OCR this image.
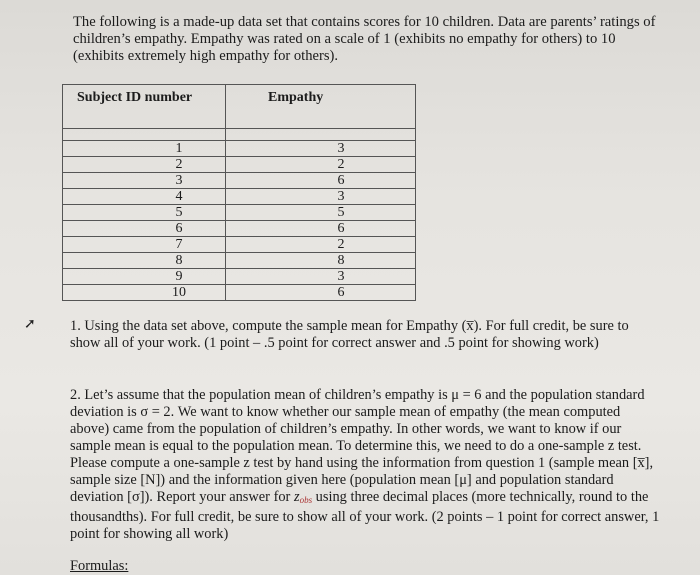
The following is a made-up data set that contains scores for 10 children. Data are parents’ ratings of children’s empathy. Empathy was rated on a scale of 1 (exhibits no empathy for others) to 10 (exhibits extremely high empathy for others).
Subject ID number	Empathy

1	3
2	2
3	6
4	3
5	5
6	6
7	2
8	8
9	3
10	6
➚ 1. Using the data set above, compute the sample mean for Empathy (x̅). For full credit, be sure to show all of your work. (1 point – .5 point for correct answer and .5 point for showing work)
2. Let’s assume that the population mean of children’s empathy is μ = 6 and the population standard deviation is σ = 2. We want to know whether our sample mean of empathy (the mean computed above) came from the population of children’s empathy. In other words, we want to know if our sample mean is equal to the population mean. To determine this, we need to do a one-sample z test. Please compute a one-sample z test by hand using the information from question 1 (sample mean [x̅], sample size [N]) and the information given here (population mean [μ] and population standard deviation [σ]). Report your answer for $z_{obs}$ using three decimal places (more technically, round to the thousandths). For full credit, be sure to show all of your work. (2 points – 1 point for correct answer, 1 point for showing all work)
Formulas:
